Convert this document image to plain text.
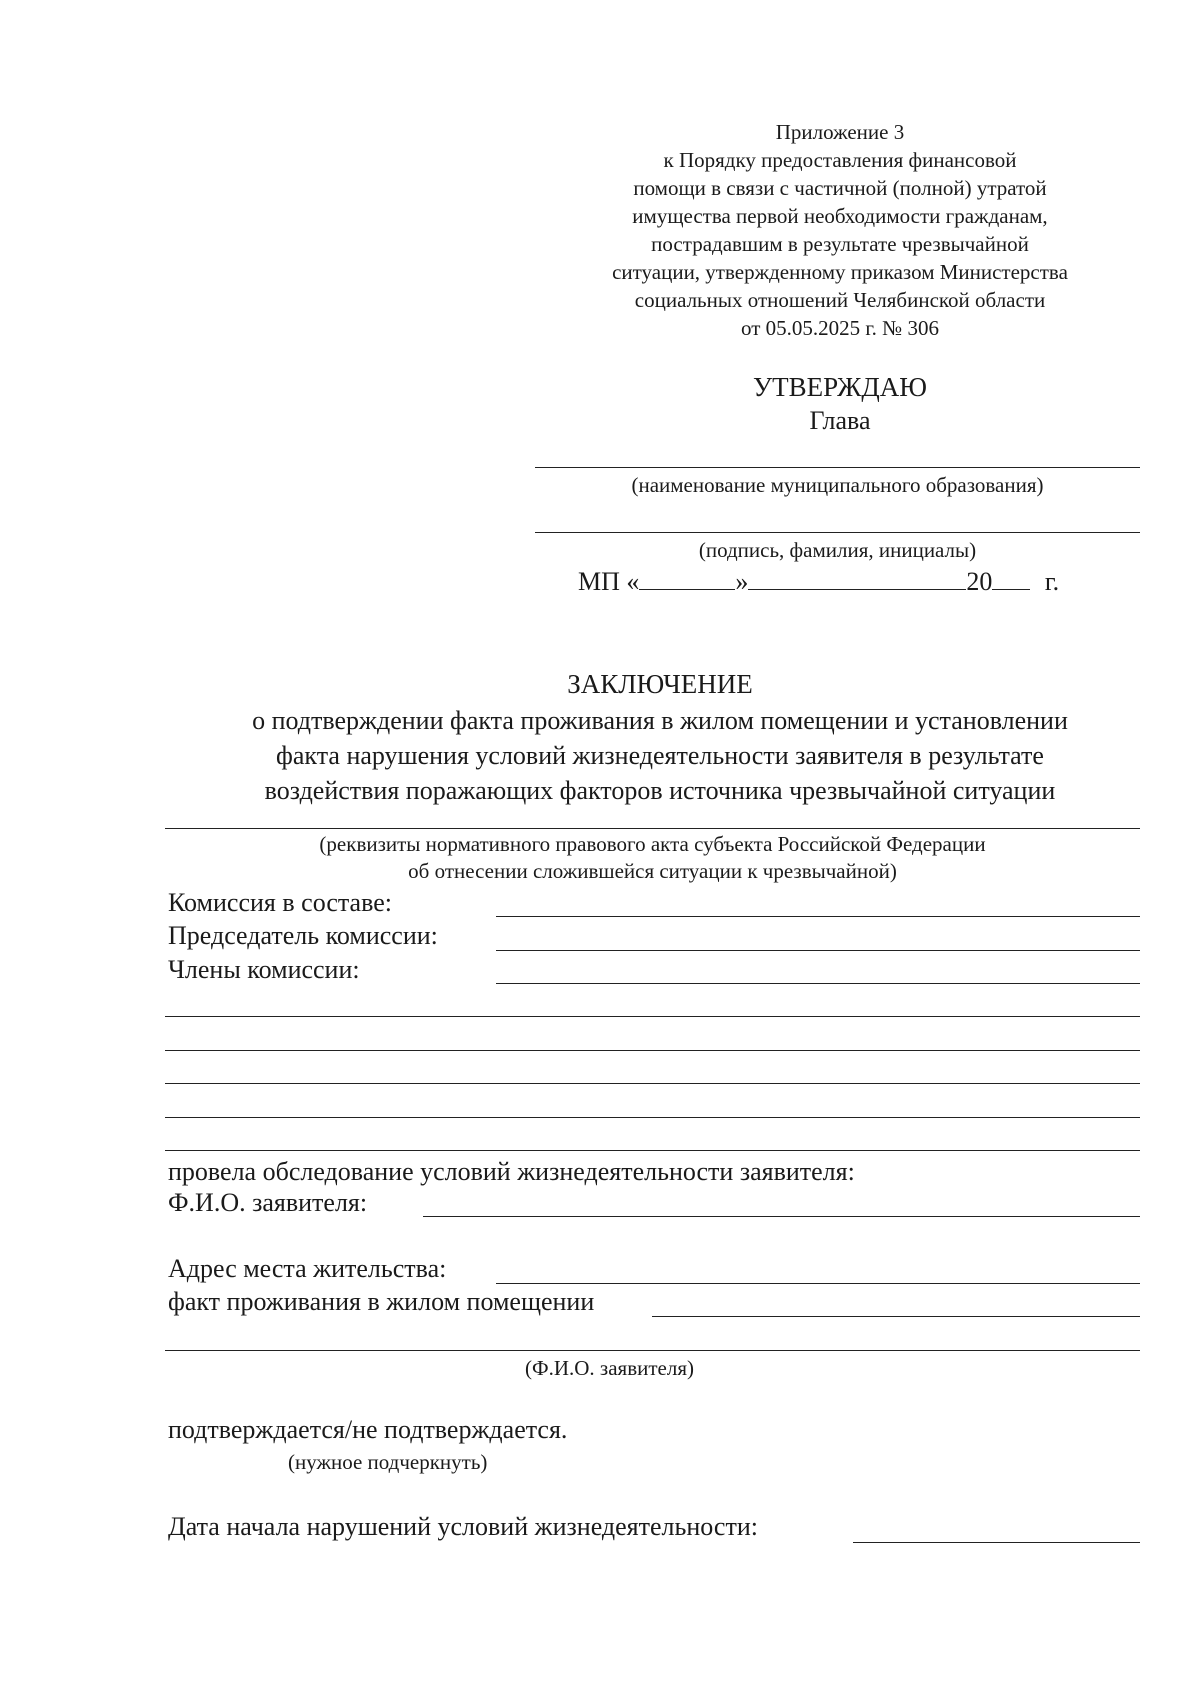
Приложение 3
к Порядку предоставления финансовой
помощи в связи с частичной (полной) утратой
имущества первой необходимости гражданам,
пострадавшим в результате чрезвычайной
ситуации, утвержденному приказом Министерства
социальных отношений Челябинской области
от 05.05.2025 г. № 306
УТВЕРЖДАЮ
Глава
(наименование муниципального образования)
(подпись, фамилия, инициалы)
МП «	»	20 г.
ЗАКЛЮЧЕНИЕ
о подтверждении факта проживания в жилом помещении и установлении
факта нарушения условий жизнедеятельности заявителя в результате
воздействия поражающих факторов источника чрезвычайной ситуации
(реквизиты нормативного правового акта субъекта Российской Федерации
об отнесении сложившейся ситуации к чрезвычайной)
Комиссия в составе:
Председатель комиссии:
Члены комиссии:
провела обследование условий жизнедеятельности заявителя:
Ф.И.О. заявителя:
Адрес места жительства:
факт проживания в жилом помещении
(Ф.И.О. заявителя)
подтверждается/не подтверждается.
(нужное подчеркнуть)
Дата начала нарушений условий жизнедеятельности:
